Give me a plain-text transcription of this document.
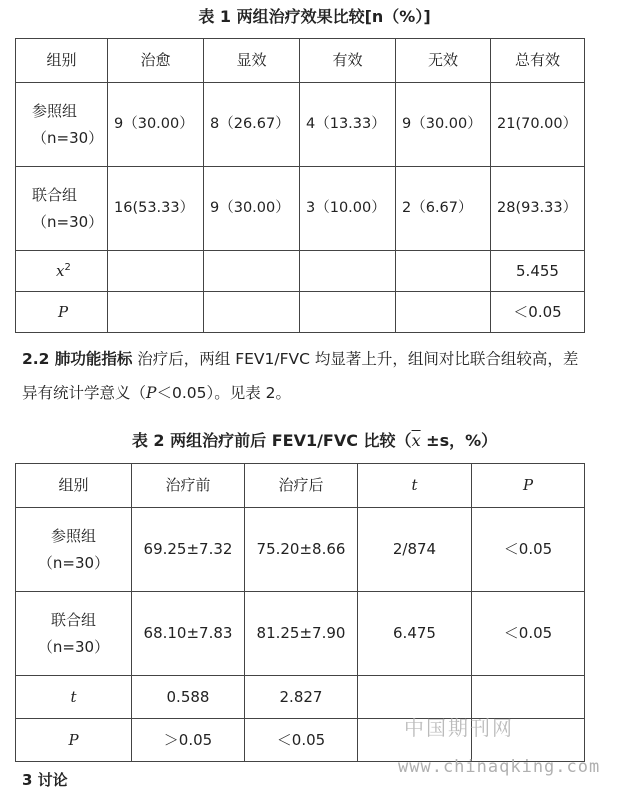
表 1 两组治疗效果比较[n（%）]
组别	治愈	显效	有效	无效	总有效

参照组
（n=30）	9（30.00）	8（26.67）	4（13.33）	9（30.00）	21(70.00）

联合组
（n=30）	16(53.33）	9（30.00）	3（10.00）	2（6.67）	28(93.33）
$x^2$					5.455
P					＜0.05
2.2 肺功能指标 治疗后，两组 FEV1/FVC 均显著上升，组间对比联合组较高，差异有统计学意义（P＜0.05）。见表 2。
表 2 两组治疗前后 FEV1/FVC 比较（$\overline{x} \pm s$，%）
组别	治疗前	治疗后	t	P

参照组
（n=30）	69.25±7.32	75.20±8.66	2/874	＜0.05

联合组
（n=30）	68.10±7.83	81.25±7.90	6.475	＜0.05
t	0.588	2.827		
P	＞0.05	＜0.05		
3 讨论
中国期刊网
www.chinaqking.com
